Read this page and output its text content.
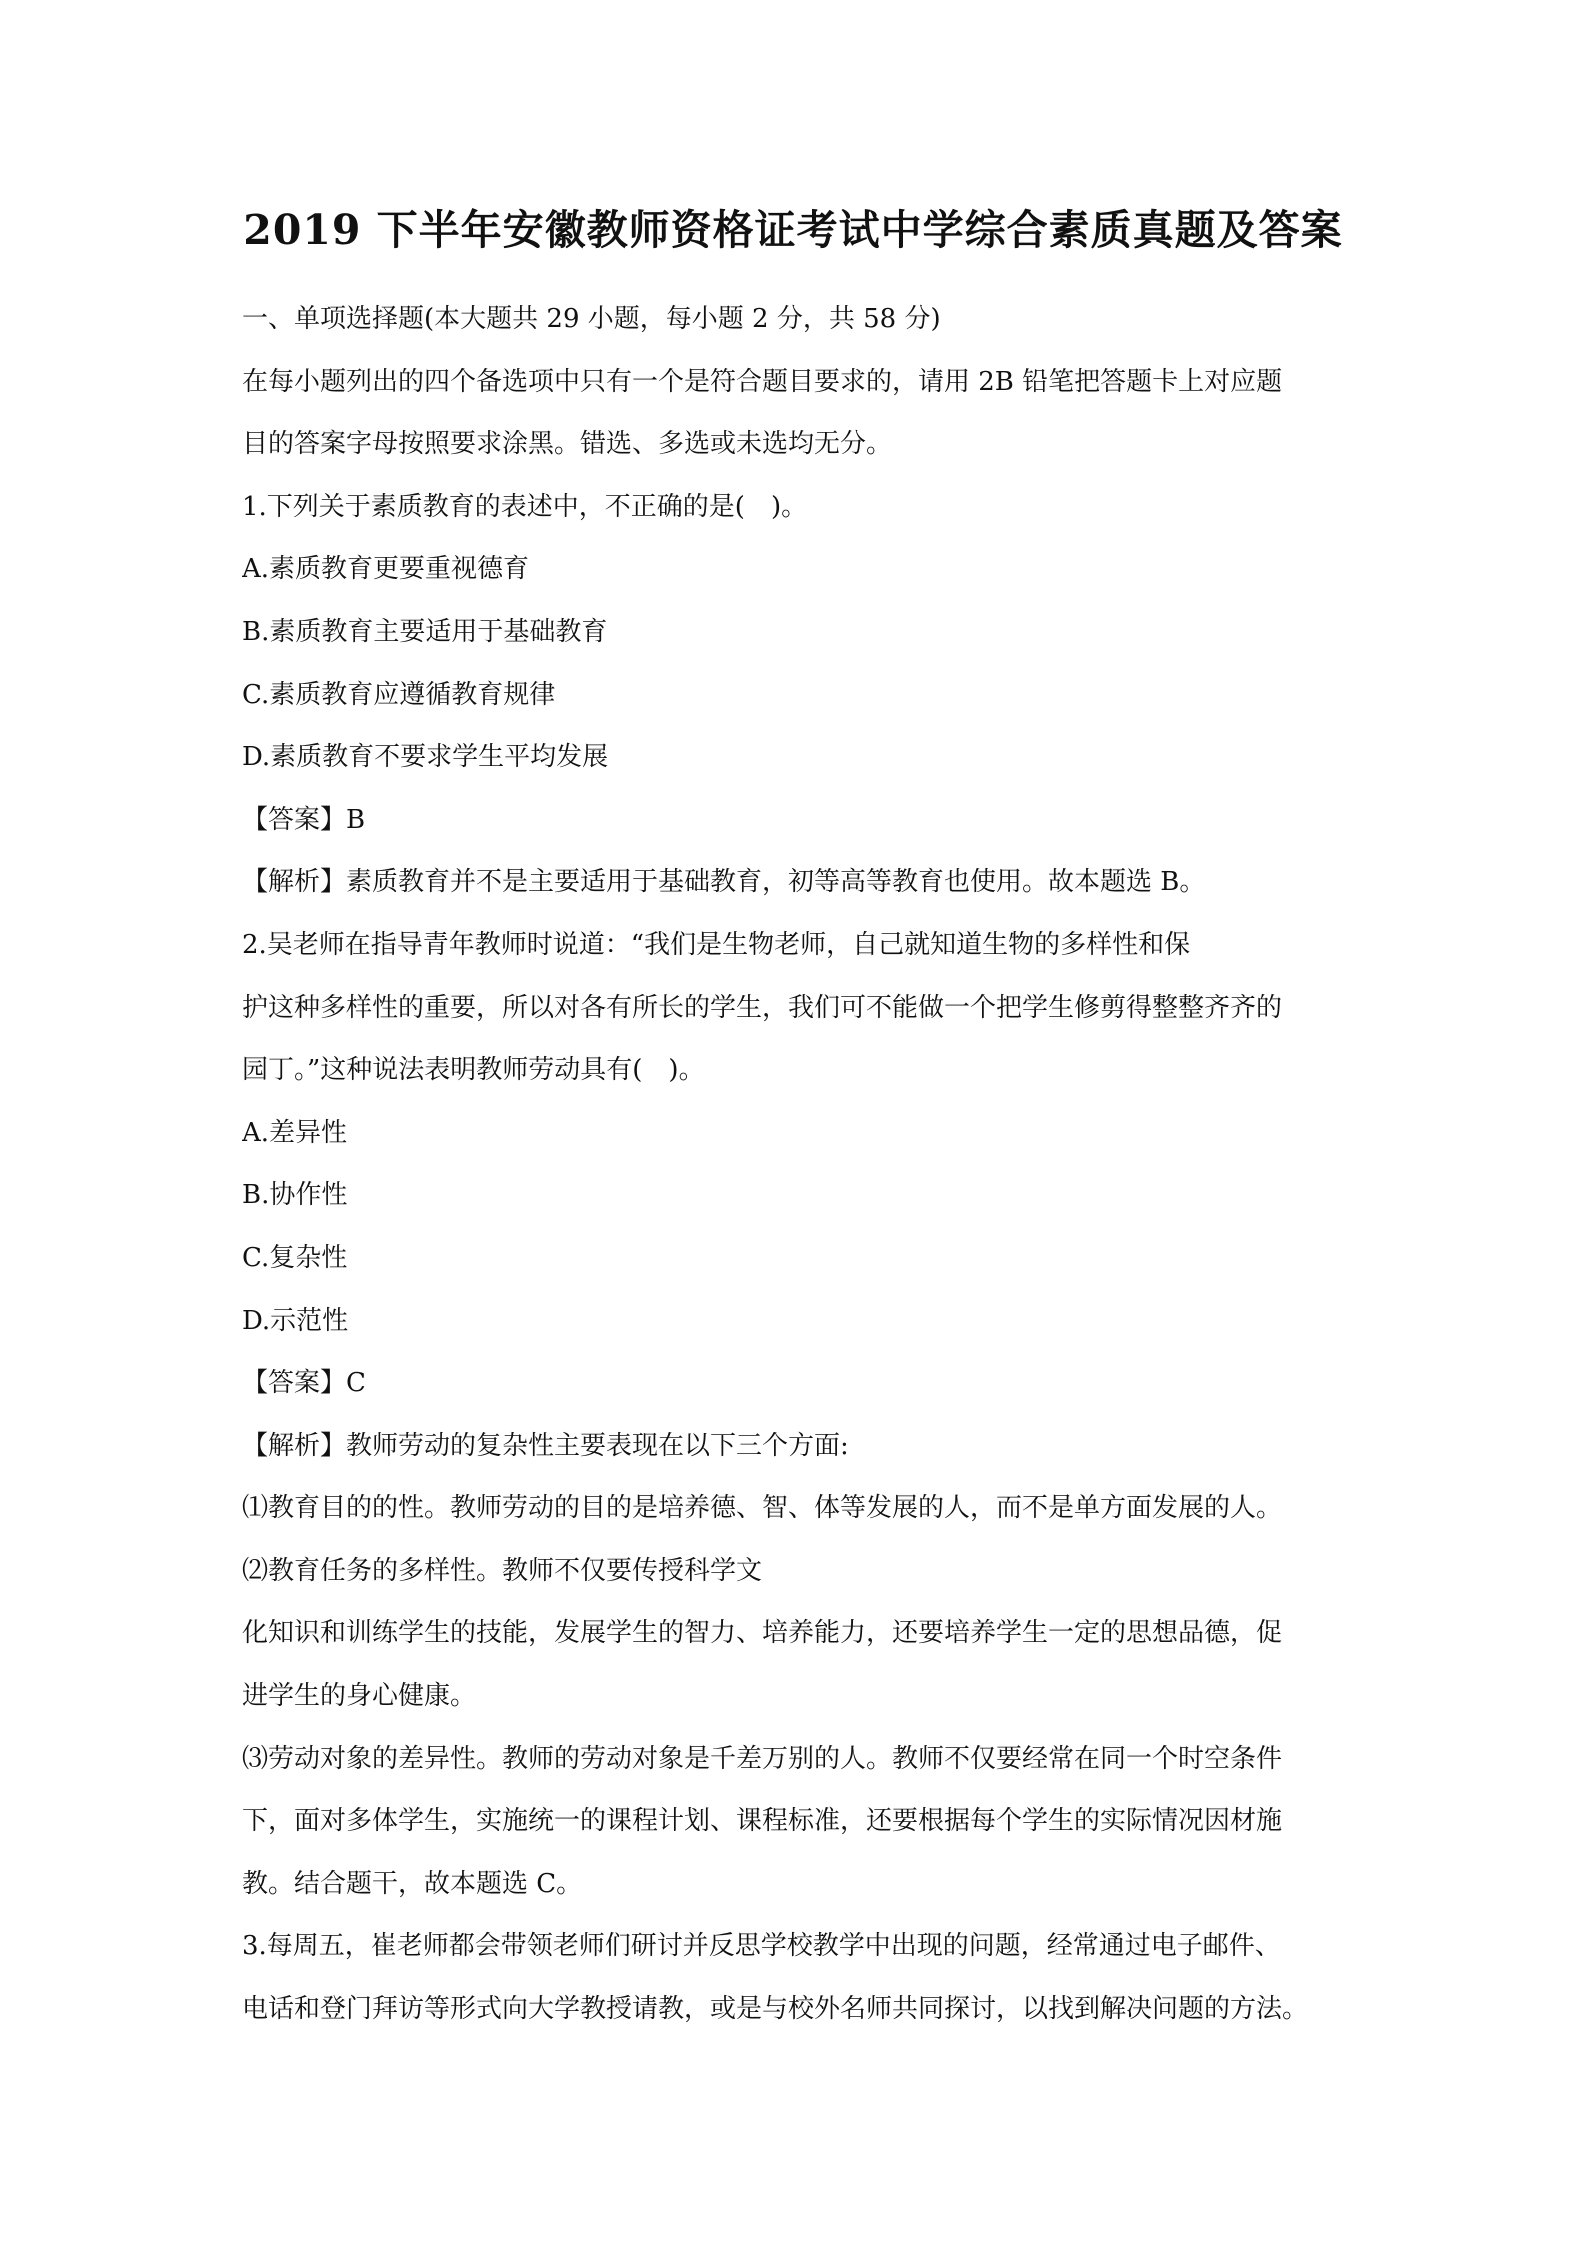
2019 下半年安徽教师资格证考试中学综合素质真题及答案
一、单项选择题(本大题共 29 小题，每小题 2 分，共 58 分)
在每小题列出的四个备选项中只有一个是符合题目要求的，请用 2B 铅笔把答题卡上对应题
目的答案字母按照要求涂黑。错选、多选或未选均无分。
1.下列关于素质教育的表述中，不正确的是(　)。
A.素质教育更要重视德育
B.素质教育主要适用于基础教育
C.素质教育应遵循教育规律
D.素质教育不要求学生平均发展
【答案】B
【解析】素质教育并不是主要适用于基础教育，初等高等教育也使用。故本题选 B。
2.吴老师在指导青年教师时说道：“我们是生物老师，自己就知道生物的多样性和保
护这种多样性的重要，所以对各有所长的学生，我们可不能做一个把学生修剪得整整齐齐的
园丁。”这种说法表明教师劳动具有(　)。
A.差异性
B.协作性
C.复杂性
D.示范性
【答案】C
【解析】教师劳动的复杂性主要表现在以下三个方面:
⑴教育目的的性。教师劳动的目的是培养德、智、体等发展的人，而不是单方面发展的人。
⑵教育任务的多样性。教师不仅要传授科学文
化知识和训练学生的技能，发展学生的智力、培养能力，还要培养学生一定的思想品德，促
进学生的身心健康。
⑶劳动对象的差异性。教师的劳动对象是千差万别的人。教师不仅要经常在同一个时空条件
下，面对多体学生，实施统一的课程计划、课程标准，还要根据每个学生的实际情况因材施
教。结合题干，故本题选 C。
3.每周五，崔老师都会带领老师们研讨并反思学校教学中出现的问题，经常通过电子邮件、
电话和登门拜访等形式向大学教授请教，或是与校外名师共同探讨，以找到解决问题的方法。
